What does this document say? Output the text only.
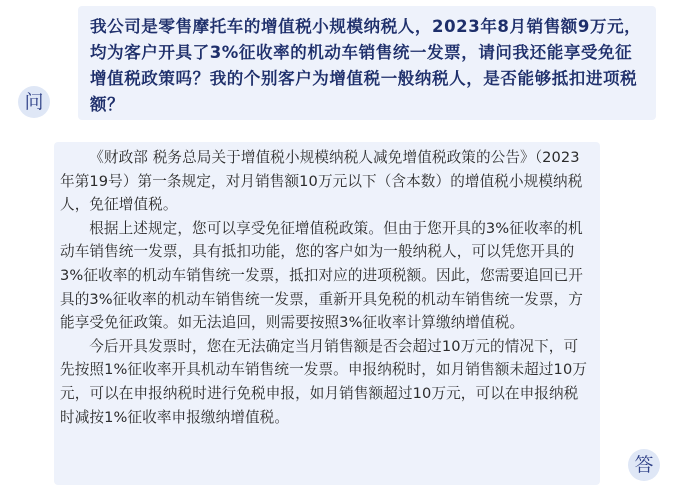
我公司是零售摩托车的增值税小规模纳税人，2023年8月销售额9万元，均为客户开具了3%征收率的机动车销售统一发票，请问我还能享受免征增值税政策吗？我的个别客户为增值税一般纳税人，是否能够抵扣进项税额？

问

《财政部 税务总局关于增值税小规模纳税人减免增值税政策的公告》（2023年第19号）第一条规定，对月销售额10万元以下（含本数）的增值税小规模纳税人，免征增值税。

根据上述规定，您可以享受免征增值税政策。但由于您开具的3%征收率的机动车销售统一发票，具有抵扣功能，您的客户如为一般纳税人，可以凭您开具的3%征收率的机动车销售统一发票，抵扣对应的进项税额。因此，您需要追回已开具的3%征收率的机动车销售统一发票，重新开具免税的机动车销售统一发票，方能享受免征政策。如无法追回，则需要按照3%征收率计算缴纳增值税。

今后开具发票时，您在无法确定当月销售额是否会超过10万元的情况下，可先按照1%征收率开具机动车销售统一发票。申报纳税时，如月销售额未超过10万元，可以在申报纳税时进行免税申报，如月销售额超过10万元，可以在申报纳税时减按1%征收率申报缴纳增值税。

答
